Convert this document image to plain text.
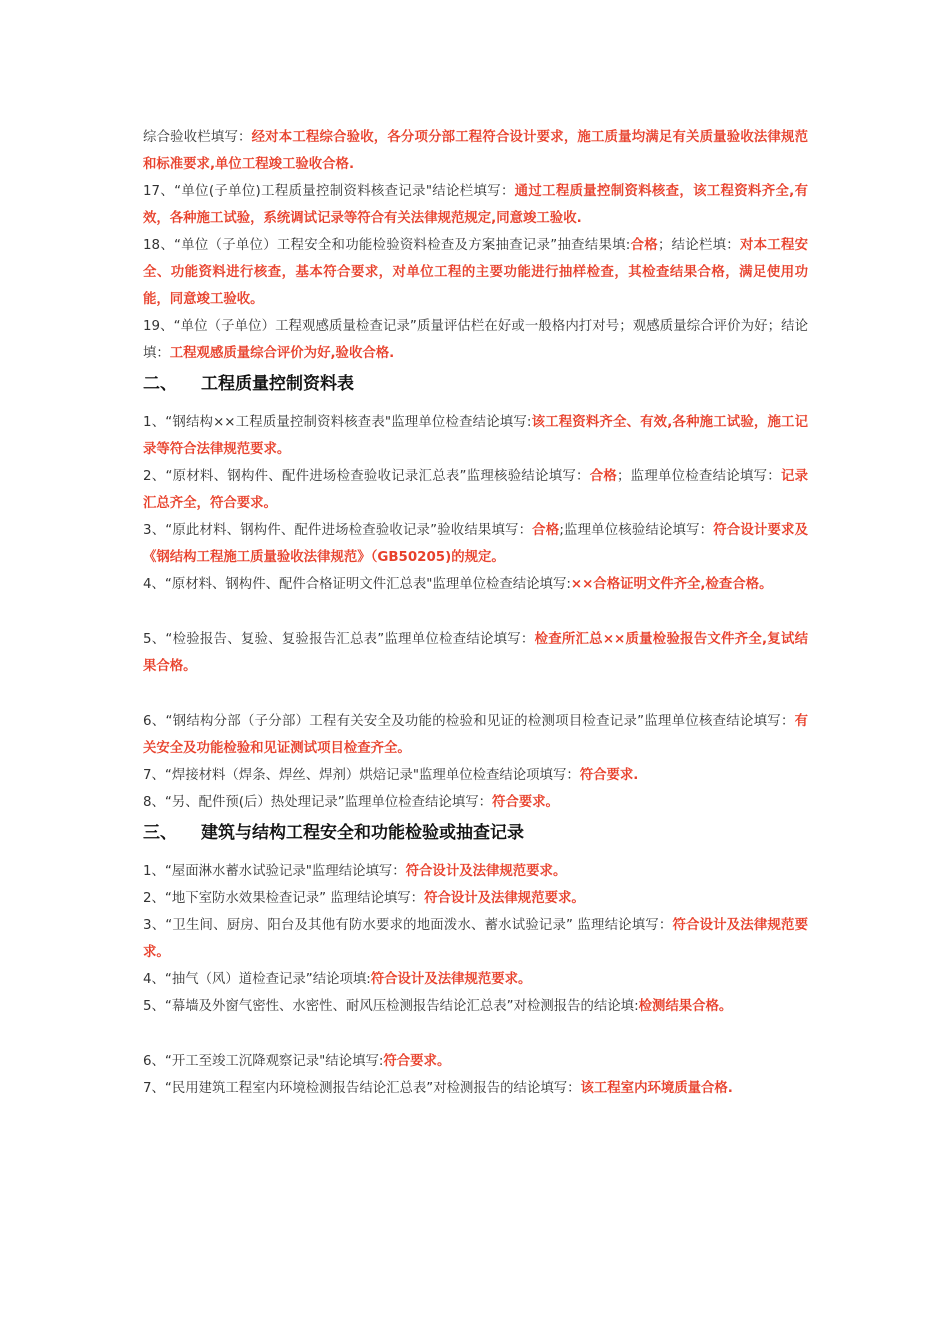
综合验收栏填写：经对本工程综合验收，各分项分部工程符合设计要求，施工质量均满足有关质量验收法律规范和标准要求,单位工程竣工验收合格.

17、“单位(子单位)工程质量控制资料核查记录"结论栏填写：通过工程质量控制资料核查，该工程资料齐全,有效，各种施工试验，系统调试记录等符合有关法律规范规定,同意竣工验收.

18、“单位（子单位）工程安全和功能检验资料检查及方案抽查记录”抽查结果填:合格；结论栏填：对本工程安全、功能资料进行核查，基本符合要求，对单位工程的主要功能进行抽样检查，其检查结果合格，满足使用功能，同意竣工验收。

19、“单位（子单位）工程观感质量检查记录”质量评估栏在好或一般格内打对号；观感质量综合评价为好；结论填：工程观感质量综合评价为好,验收合格.

二、 工程质量控制资料表

1、“钢结构××工程质量控制资料核查表"监理单位检查结论填写:该工程资料齐全、有效,各种施工试验，施工记录等符合法律规范要求。

2、“原材料、钢构件、配件进场检查验收记录汇总表”监理核验结论填写：合格；监理单位检查结论填写：记录汇总齐全，符合要求。

3、“原此材料、钢构件、配件进场检查验收记录”验收结果填写：合格;监理单位核验结论填写：符合设计要求及《钢结构工程施工质量验收法律规范》（GB50205)的规定。

4、“原材料、钢构件、配件合格证明文件汇总表"监理单位检查结论填写:××合格证明文件齐全,检查合格。

5、“检验报告、复验、复验报告汇总表”监理单位检查结论填写：检查所汇总××质量检验报告文件齐全,复试结果合格。

6、“钢结构分部（子分部）工程有关安全及功能的检验和见证的检测项目检查记录”监理单位核查结论填写：有关安全及功能检验和见证测试项目检查齐全。

7、“焊接材料（焊条、焊丝、焊剂）烘焙记录"监理单位检查结论项填写：符合要求.

8、“另、配件预(后）热处理记录”监理单位检查结论填写：符合要求。

三、 建筑与结构工程安全和功能检验或抽查记录

1、“屋面淋水蓄水试验记录"监理结论填写：符合设计及法律规范要求。

2、“地下室防水效果检查记录” 监理结论填写：符合设计及法律规范要求。

3、“卫生间、厨房、阳台及其他有防水要求的地面泼水、蓄水试验记录” 监理结论填写：符合设计及法律规范要求。

4、“抽气（风）道检查记录”结论项填:符合设计及法律规范要求。

5、“幕墙及外窗气密性、水密性、耐风压检测报告结论汇总表”对检测报告的结论填:检测结果合格。

6、“开工至竣工沉降观察记录"结论填写:符合要求。

7、“民用建筑工程室内环境检测报告结论汇总表”对检测报告的结论填写：该工程室内环境质量合格.
